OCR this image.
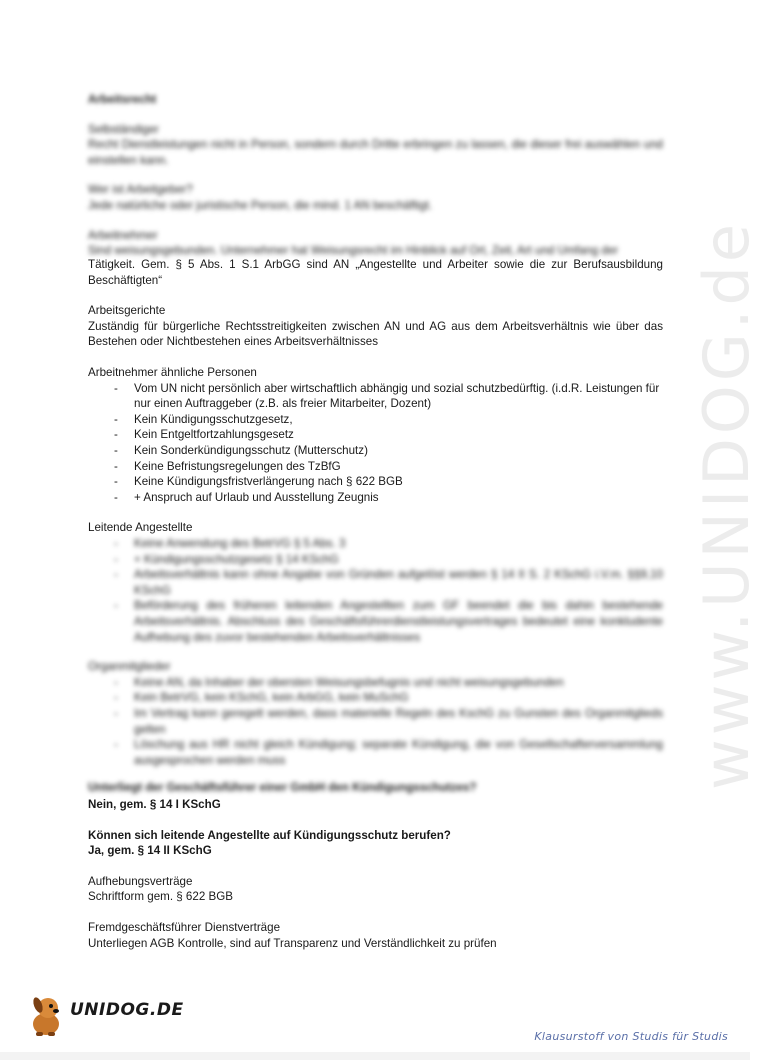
www.UNIDOG.de
Arbeitsrecht
Selbständiger
Recht Dienstleistungen nicht in Person, sondern durch Dritte erbringen zu lassen, die dieser frei auswählen und einstellen kann.
Wer ist Arbeitgeber?
Jede natürliche oder juristische Person, die mind. 1 AN beschäftigt.
Arbeitnehmer
Sind weisungsgebunden. Unternehmer hat Weisungsrecht im Hinblick auf Ort, Zeit, Art und Umfang der
Tätigkeit. Gem. § 5 Abs. 1 S.1 ArbGG sind AN „Angestellte und Arbeiter sowie die zur Berufsausbildung Beschäftigten“
Arbeitsgerichte
Zuständig für bürgerliche Rechtsstreitigkeiten zwischen AN und AG aus dem Arbeitsverhältnis wie über das Bestehen oder Nichtbestehen eines Arbeitsverhältnisses
Arbeitnehmer ähnliche Personen
- Vom UN nicht persönlich aber wirtschaftlich abhängig und sozial schutzbedürftig. (i.d.R. Leistungen für nur einen Auftraggeber (z.B. als freier Mitarbeiter, Dozent)
- Kein Kündigungsschutzgesetz,
- Kein Entgeltfortzahlungsgesetz
- Kein Sonderkündigungsschutz (Mutterschutz)
- Keine Befristungsregelungen des TzBfG
- Keine Kündigungsfristverlängerung nach § 622 BGB
- + Anspruch auf Urlaub und Ausstellung Zeugnis
Leitende Angestellte
- Keine Anwendung des BetrVG § 5 Abs. 3
- + Kündigungsschutzgesetz § 14 KSchG
- Arbeitsverhältnis kann ohne Angabe von Gründen aufgelöst werden § 14 II S. 2 KSchG i.V.m. §§9,10 KSchG
- Beförderung des früheren leitenden Angestellten zum GF beendet die bis dahin bestehende Arbeitsverhältnis. Abschluss des Geschäftsführerdienstleistungsvertrages bedeutet eine konkludente Aufhebung des zuvor bestehenden Arbeitsverhältnisses
Organmitglieder
- Keine AN, da Inhaber der obersten Weisungsbefugnis und nicht weisungsgebunden
- Kein BetrVG, kein KSchG, kein ArbGG, kein MuSchG
- Im Vertrag kann geregelt werden, dass materielle Regeln des KschG zu Gunsten des Organmitglieds gelten
- Löschung aus HR nicht gleich Kündigung; separate Kündigung, die von Gesellschafterversammlung ausgesprochen werden muss
Unterliegt der Geschäftsführer einer GmbH den Kündigungsschutzes?
Nein, gem. § 14 I KSchG
Können sich leitende Angestellte auf Kündigungsschutz berufen?
Ja, gem. § 14 II KSchG
Aufhebungsverträge
Schriftform gem. § 622 BGB
Fremdgeschäftsführer Dienstverträge
Unterliegen AGB Kontrolle, sind auf Transparenz und Verständlichkeit zu prüfen
UNIDOG.DE
Klausurstoff von Studis für Studis
